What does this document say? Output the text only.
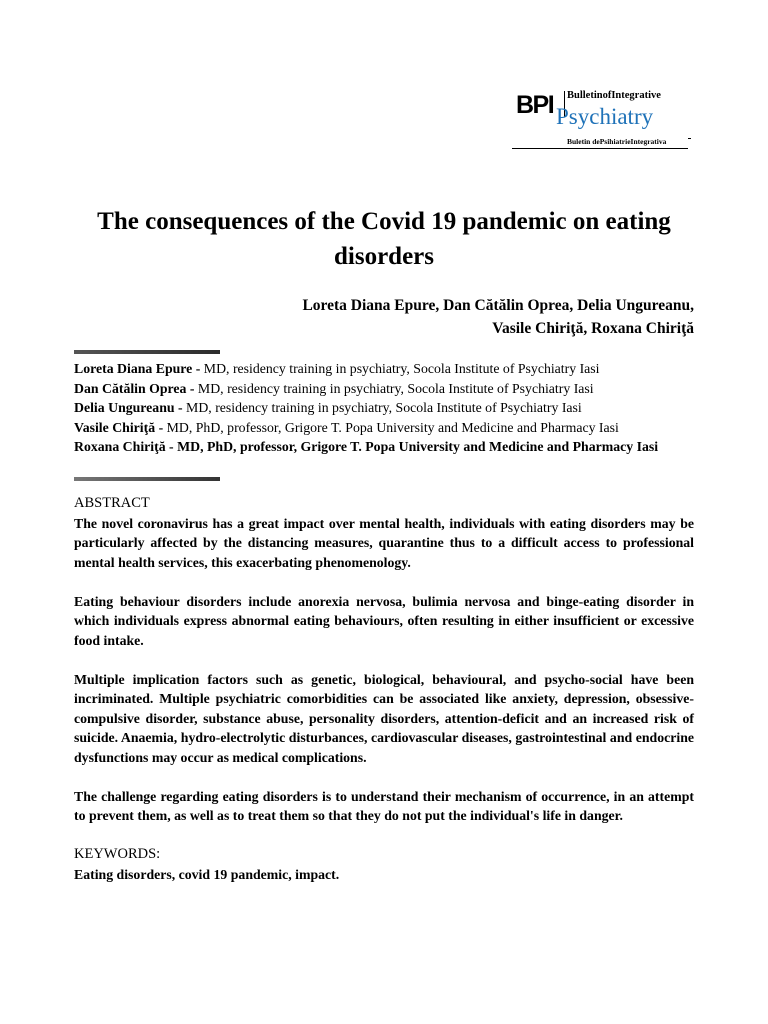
BPI BulletinofIntegrative
Psychiatry
Buletin dePsihiatrieIntegrativa
The consequences of the Covid 19 pandemic on eating disorders
Loreta Diana Epure, Dan Cătălin Oprea, Delia Ungureanu,
Vasile Chiriţă, Roxana Chiriţă
Loreta Diana Epure - MD, residency training in psychiatry, Socola Institute of Psychiatry Iasi
Dan Cătălin Oprea - MD, residency training in psychiatry, Socola Institute of Psychiatry Iasi
Delia Ungureanu - MD, residency training in psychiatry, Socola Institute of Psychiatry Iasi
Vasile Chiriţă - MD, PhD, professor, Grigore T. Popa University and Medicine and Pharmacy Iasi
Roxana Chiriţă - MD, PhD, professor, Grigore T. Popa University and Medicine and Pharmacy Iasi
ABSTRACT

The novel coronavirus has a great impact over mental health, individuals with eating disorders may be particularly affected by the distancing measures, quarantine thus to a difficult access to professional mental health services, this exacerbating phenomenology.

Eating behaviour disorders include anorexia nervosa, bulimia nervosa and binge-eating disorder in which individuals express abnormal eating behaviours, often resulting in either insufficient or excessive food intake.

Multiple implication factors such as genetic, biological, behavioural, and psycho-social have been incriminated. Multiple psychiatric comorbidities can be associated like anxiety, depression, obsessive-compulsive disorder, substance abuse, personality disorders, attention-deficit and an increased risk of suicide. Anaemia, hydro-electrolytic disturbances, cardiovascular diseases, gastrointestinal and endocrine dysfunctions may occur as medical complications.

The challenge regarding eating disorders is to understand their mechanism of occurrence, in an attempt to prevent them, as well as to treat them so that they do not put the individual's life in danger.

KEYWORDS:
Eating disorders, covid 19 pandemic, impact.
